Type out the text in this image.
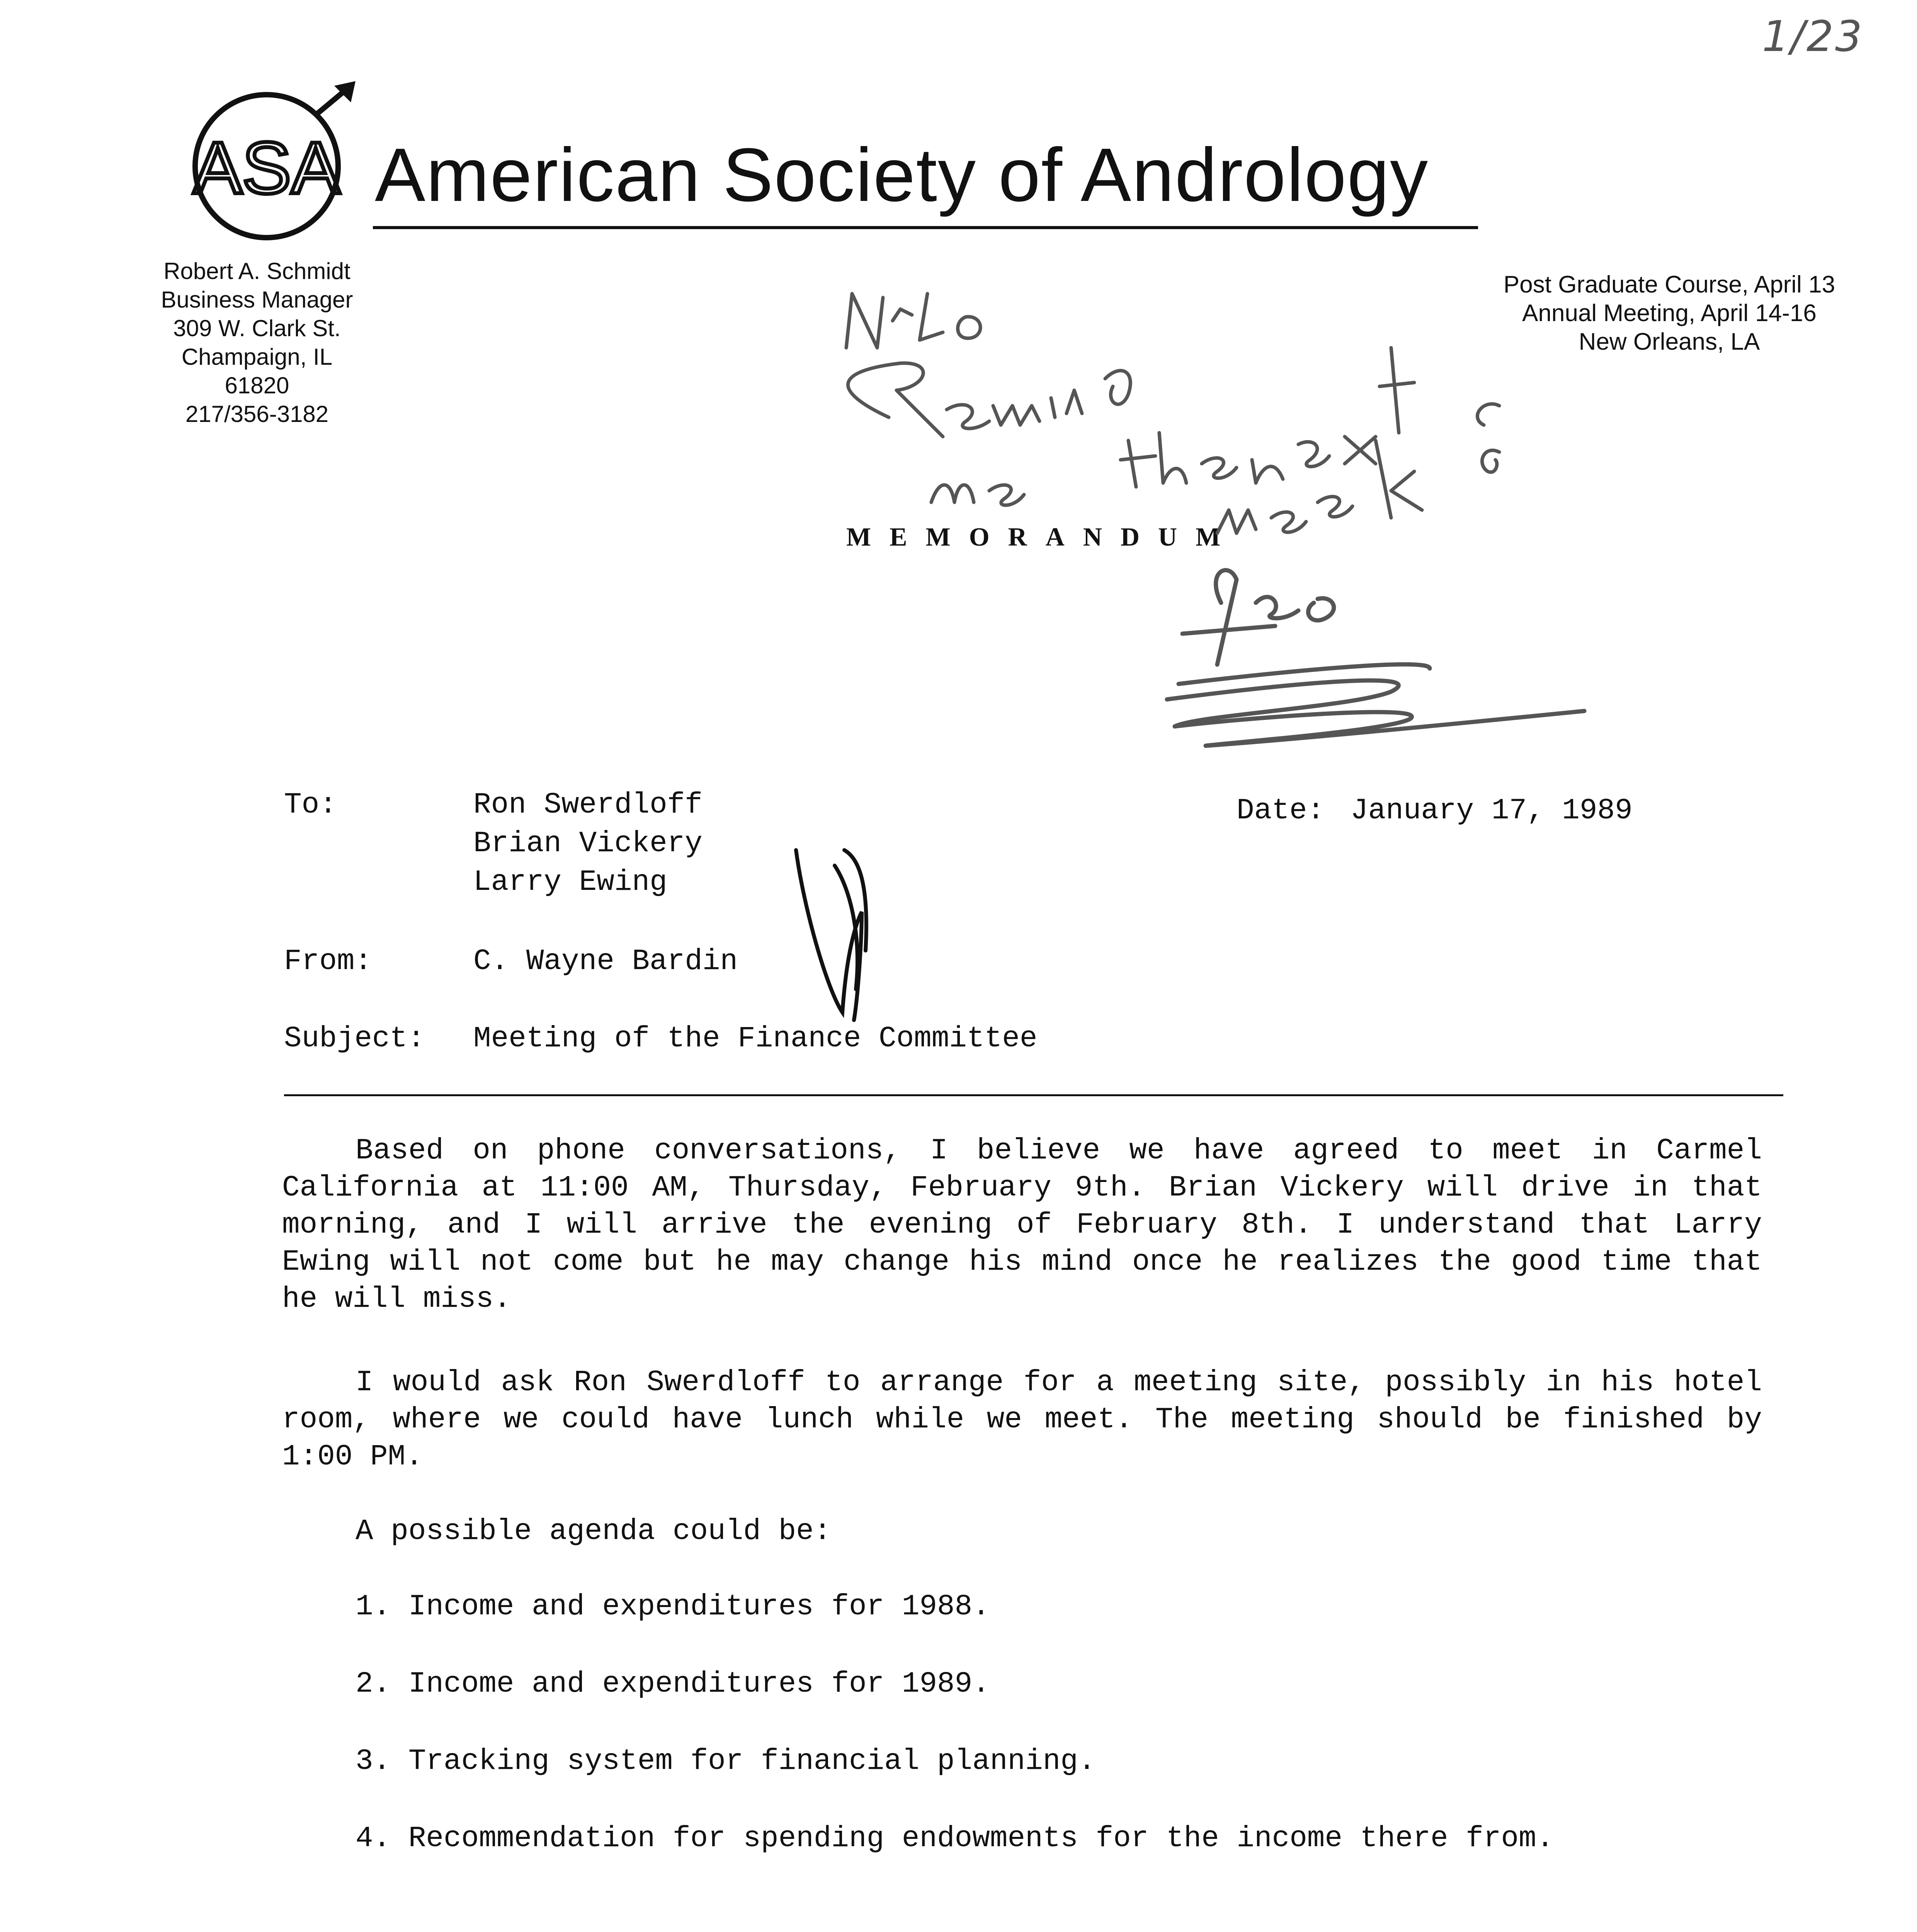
1/23
ASA American Society of Andrology
Robert A. Schmidt
Business Manager
309 W. Clark St.
Champaign, IL 61820
217/356-3182
Post Graduate Course, April 13
Annual Meeting, April 14-16
New Orleans, LA
MEMORANDUM
To:	Ron Swerdloff
Brian Vickery
Larry Ewing
Date: January 17, 1989
From:	C. Wayne Bardin
Subject: Meeting of the Finance Committee
Based on phone conversations, I believe we have agreed to meet in Carmel California at 11:00 AM, Thursday, February 9th. Brian Vickery will drive in that morning, and I will arrive the evening of February 8th. I understand that Larry Ewing will not come but he may change his mind once he realizes the good time that he will miss.
I would ask Ron Swerdloff to arrange for a meeting site, possibly in his hotel room, where we could have lunch while we meet. The meeting should be finished by 1:00 PM.
A possible agenda could be:
1. Income and expenditures for 1988.
2. Income and expenditures for 1989.
3. Tracking system for financial planning.
4. Recommendation for spending endowments for the income there from.
